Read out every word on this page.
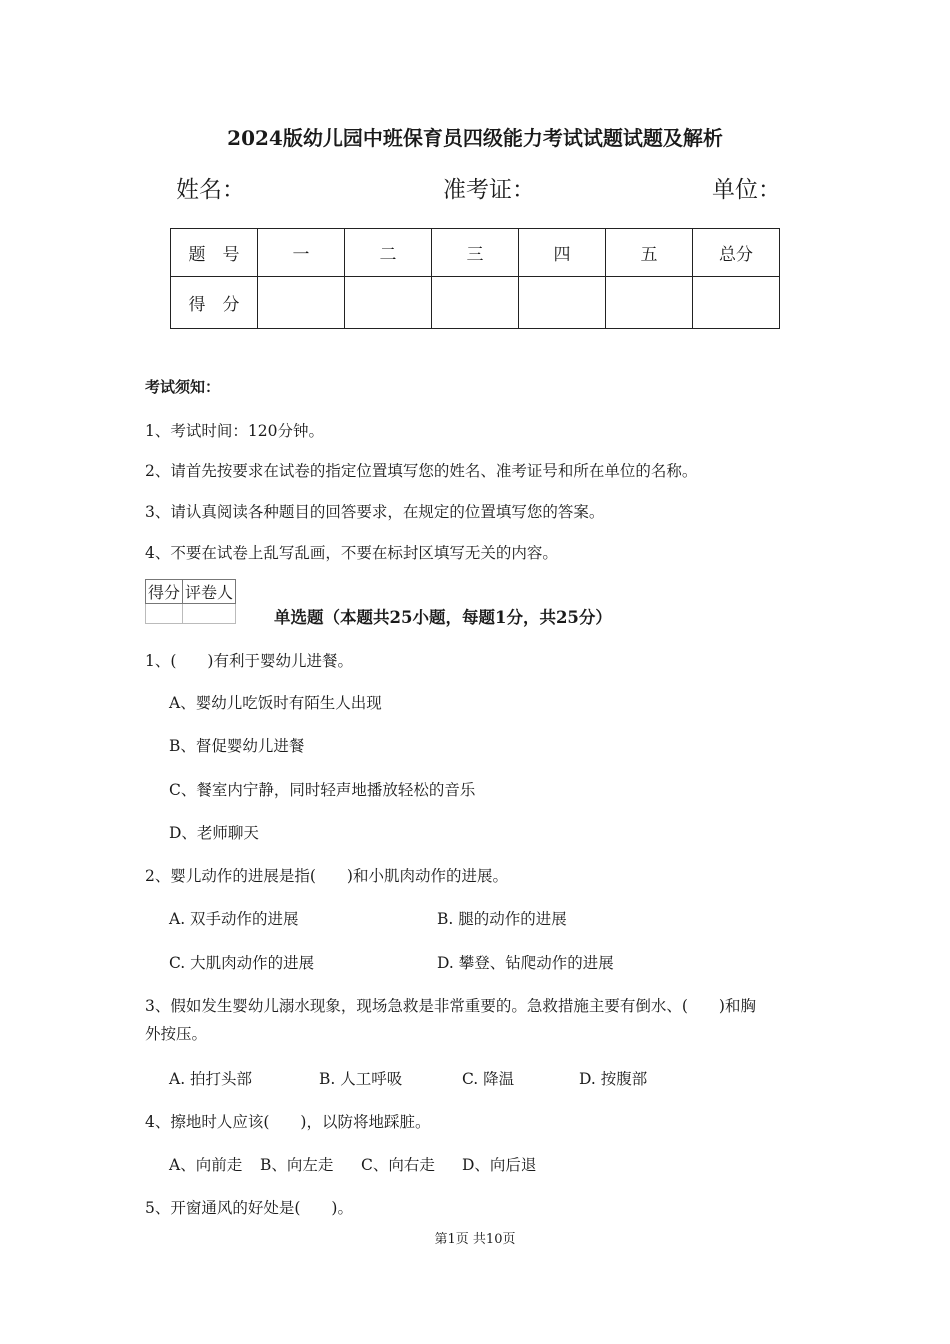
2024版幼儿园中班保育员四级能力考试试题试题及解析
姓名：	准考证：	单位：
题　号	一	二	三	四	五	总分
得　分						
考试须知：
1、考试时间：120分钟。
2、请首先按要求在试卷的指定位置填写您的姓名、准考证号和所在单位的名称。
3、请认真阅读各种题目的回答要求，在规定的位置填写您的答案。
4、不要在试卷上乱写乱画，不要在标封区填写无关的内容。
得分	评卷人

单选题（本题共25小题，每题1分，共25分）
1、(　　)有利于婴幼儿进餐。
A、婴幼儿吃饭时有陌生人出现
B、督促婴幼儿进餐
C、餐室内宁静，同时轻声地播放轻松的音乐
D、老师聊天
2、婴儿动作的进展是指(　　)和小肌肉动作的进展。
A. 双手动作的进展	B. 腿的动作的进展
C. 大肌肉动作的进展	D. 攀登、钻爬动作的进展
3、假如发生婴幼儿溺水现象，现场急救是非常重要的。急救措施主要有倒水、(　　)和胸
外按压。
A. 拍打头部	B. 人工呼吸	C. 降温	D. 按腹部
4、擦地时人应该(　　)，以防将地踩脏。
A、向前走 B、向左走 C、向右走 D、向后退
5、开窗通风的好处是(　　)。
第1页 共10页
